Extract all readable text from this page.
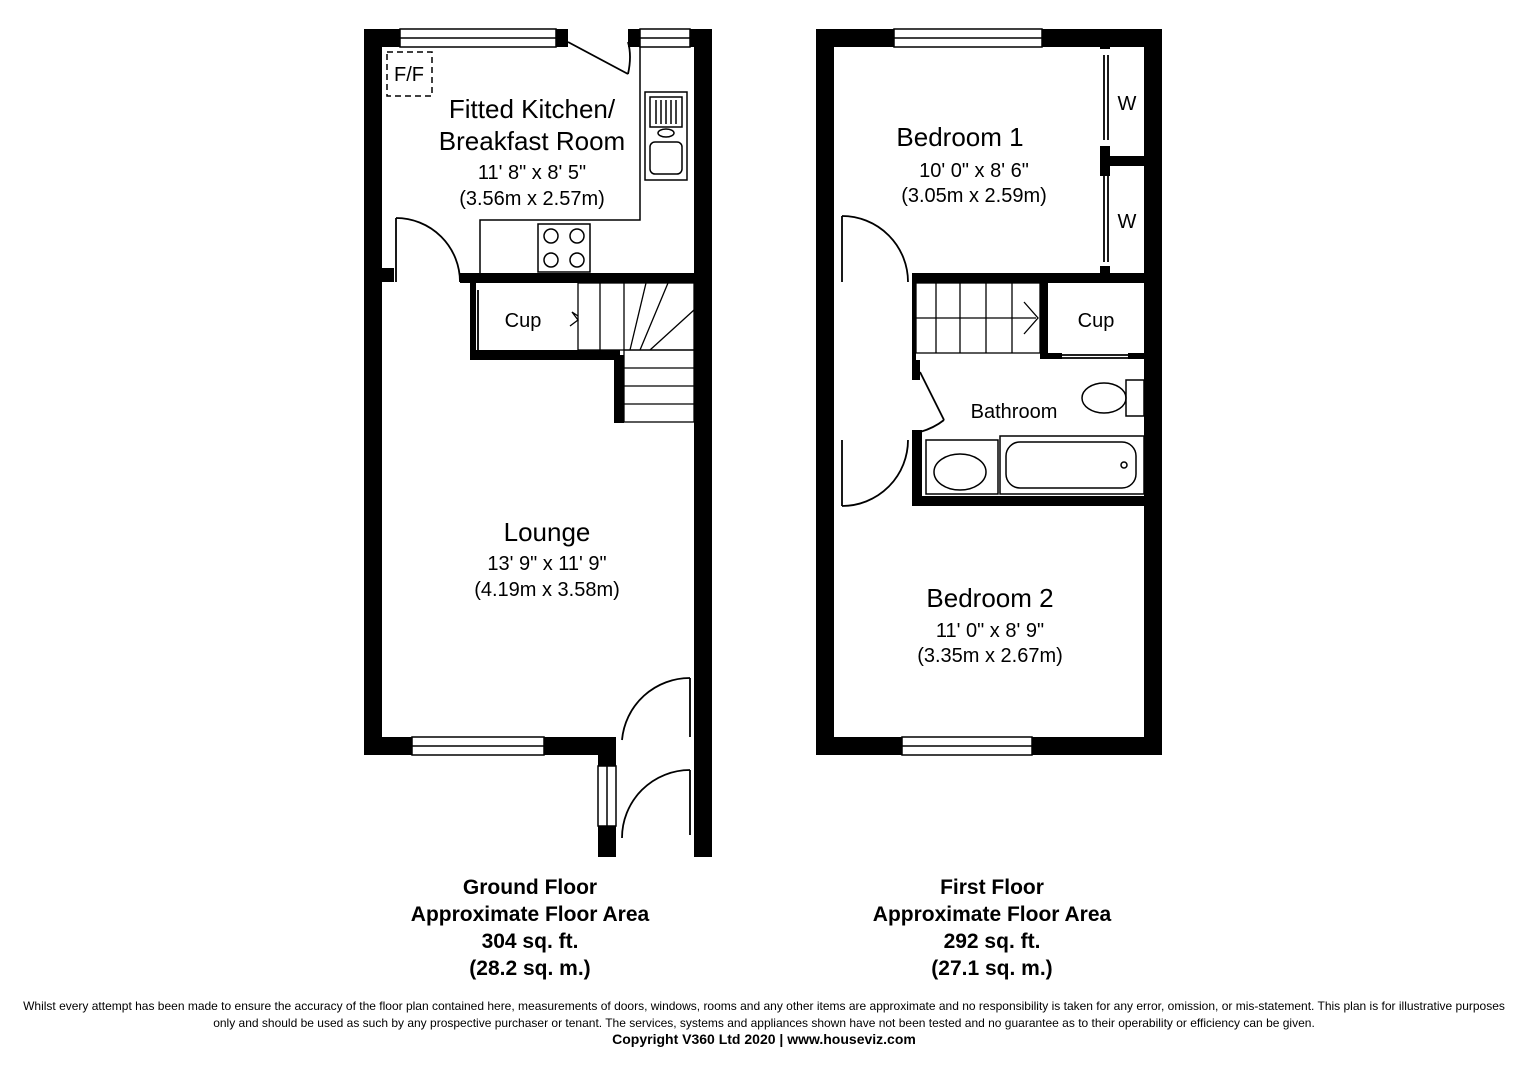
F/F
Fitted Kitchen/
Breakfast Room
11' 8" x 8' 5"
(3.56m x 2.57m)
Cup
Lounge
13' 9" x 11' 9"
(4.19m x 3.58m)
Bedroom 1
10' 0" x 8' 6"
(3.05m x 2.59m)
W
W
Cup
Bathroom
Bedroom 2
11' 0" x 8' 9"
(3.35m x 2.67m)
Ground Floor
Approximate Floor Area
304 sq. ft.
(28.2 sq. m.)
First Floor
Approximate Floor Area
292 sq. ft.
(27.1 sq. m.)
Whilst every attempt has been made to ensure the accuracy of the floor plan contained here, measurements of doors, windows, rooms and any other items are approximate and no responsibility is taken for any error, omission, or mis-statement. This plan is for illustrative purposes only and should be used as such by any prospective purchaser or tenant. The services, systems and appliances shown have not been tested and no guarantee as to their operability or efficiency can be given.
Copyright V360 Ltd 2020 | www.houseviz.com
